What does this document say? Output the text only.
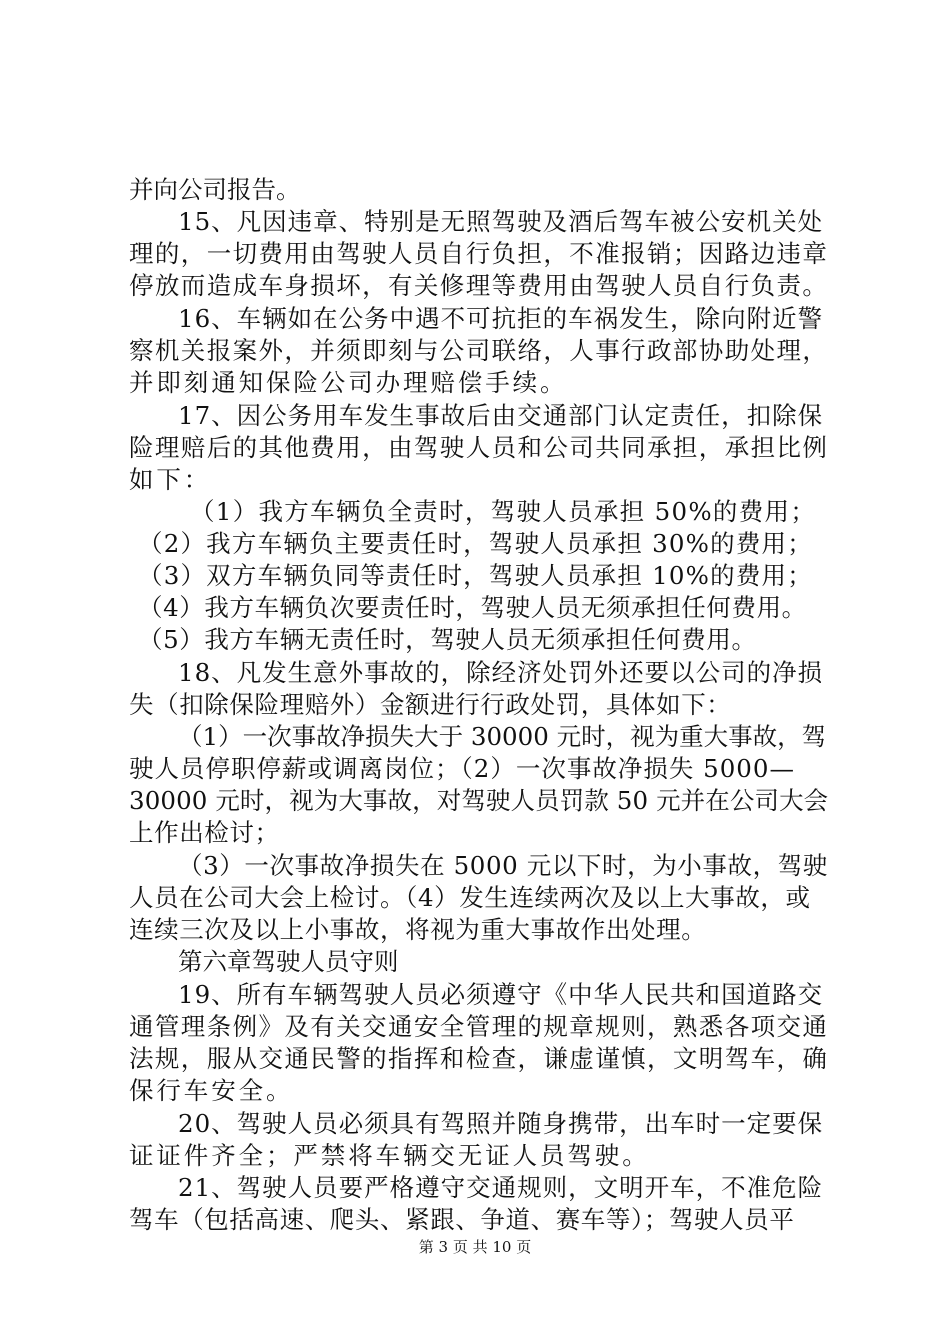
并向公司报告。
15、凡因违章、特别是无照驾驶及酒后驾车被公安机关处
理的，一切费用由驾驶人员自行负担，不准报销；因路边违章
停放而造成车身损坏，有关修理等费用由驾驶人员自行负责。
16、车辆如在公务中遇不可抗拒的车祸发生，除向附近警
察机关报案外，并须即刻与公司联络，人事行政部协助处理，
并即刻通知保险公司办理赔偿手续。
17、因公务用车发生事故后由交通部门认定责任，扣除保
险理赔后的其他费用，由驾驶人员和公司共同承担，承担比例
如下：
（1）我方车辆负全责时，驾驶人员承担 50%的费用；
（2）我方车辆负主要责任时，驾驶人员承担 30%的费用；
（3）双方车辆负同等责任时，驾驶人员承担 10%的费用；
（4）我方车辆负次要责任时，驾驶人员无须承担任何费用。
（5）我方车辆无责任时，驾驶人员无须承担任何费用。
18、凡发生意外事故的，除经济处罚外还要以公司的净损
失（扣除保险理赔外）金额进行行政处罚，具体如下：
（1）一次事故净损失大于 30000 元时，视为重大事故，驾
驶人员停职停薪或调离岗位；（2）一次事故净损失 5000—
30000 元时，视为大事故，对驾驶人员罚款 50 元并在公司大会
上作出检讨；
（3）一次事故净损失在 5000 元以下时，为小事故，驾驶
人员在公司大会上检讨。（4）发生连续两次及以上大事故，或
连续三次及以上小事故，将视为重大事故作出处理。
第六章驾驶人员守则
19、所有车辆驾驶人员必须遵守《中华人民共和国道路交
通管理条例》及有关交通安全管理的规章规则，熟悉各项交通
法规，服从交通民警的指挥和检查，谦虚谨慎，文明驾车，确
保行车安全。
20、驾驶人员必须具有驾照并随身携带，出车时一定要保
证证件齐全；严禁将车辆交无证人员驾驶。
21、驾驶人员要严格遵守交通规则，文明开车，不准危险
驾车（包括高速、爬头、紧跟、争道、赛车等）；驾驶人员平
第 3 页 共 10 页
